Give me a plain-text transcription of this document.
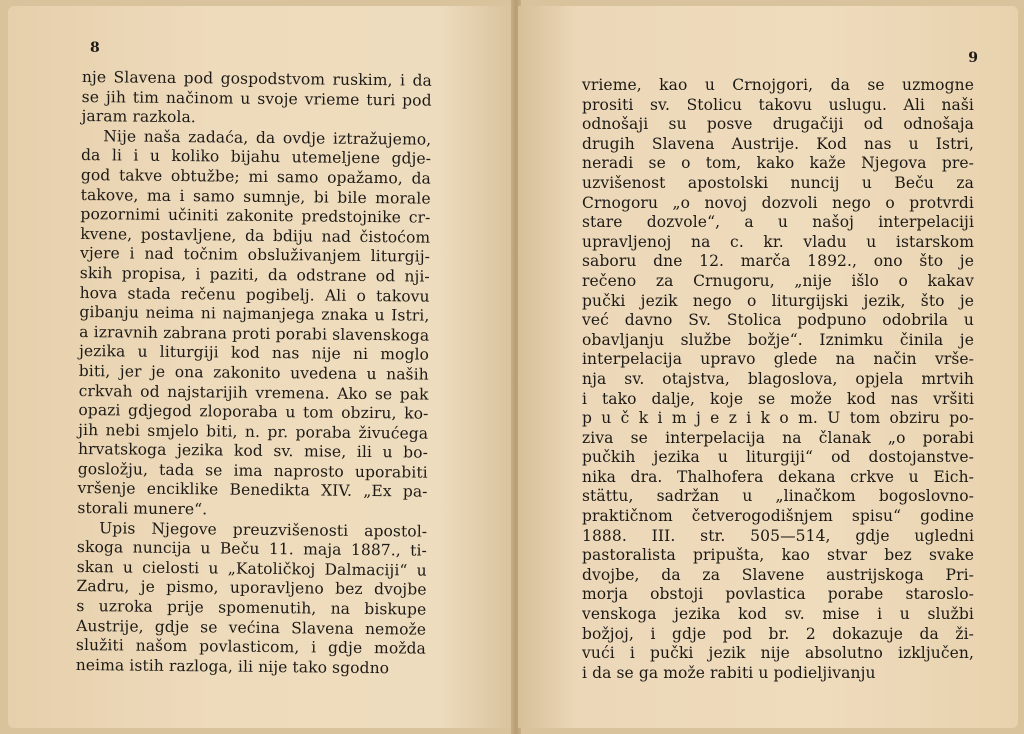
8
nje Slavena pod gospodstvom ruskim, i da
se jih tim načinom u svoje vrieme turi pod
jaram razkola.
Nije naša zadaća, da ovdje iztražujemo,
da li i u koliko bijahu utemeljene gdje-
god takve obtužbe; mi samo opažamo, da
takove, ma i samo sumnje, bi bile morale
pozornimi učiniti zakonite predstojnike cr-
kvene, postavljene, da bdiju nad čistoćom
vjere i nad točnim obsluživanjem liturgij-
skih propisa, i paziti, da odstrane od nji-
hova stada rečenu pogibelj. Ali o takovu
gibanju neima ni najmanjega znaka u Istri,
a izravnih zabrana proti porabi slavenskoga
jezika u liturgiji kod nas nije ni moglo
biti, jer je ona zakonito uvedena u naših
crkvah od najstarijih vremena. Ako se pak
opazi gdjegod zloporaba u tom obziru, ko-
jih nebi smjelo biti, n. pr. poraba živućega
hrvatskoga jezika kod sv. mise, ili u bo-
gosložju, tada se ima naprosto uporabiti
vršenje enciklike Benedikta XIV. „Ex pa-
storali munere“.
Upis Njegove preuzvišenosti apostol-
skoga nuncija u Beču 11. maja 1887., ti-
skan u cielosti u „Katoličkoj Dalmaciji“ u
Zadru, je pismo, uporavljeno bez dvojbe
s uzroka prije spomenutih, na biskupe
Austrije, gdje se većina Slavena nemože
služiti našom povlasticom, i gdje možda
neima istih razloga, ili nije tako sgodno
9
vrieme, kao u Crnojgori, da se uzmogne
prositi sv. Stolicu takovu uslugu. Ali naši
odnošaji su posve drugačiji od odnošaja
drugih Slavena Austrije. Kod nas u Istri,
neradi se o tom, kako kaže Njegova pre-
uzvišenost apostolski nuncij u Beču za
Crnogoru „o novoj dozvoli nego o protvrdi
stare dozvole“, a u našoj interpelaciji
upravljenoj na c. kr. vladu u istarskom
saboru dne 12. marča 1892., ono što je
rečeno za Crnugoru, „nije išlo o kakav
pučki jezik nego o liturgijski jezik, što je
već davno Sv. Stolica podpuno odobrila u
obavljanju službe božje“. Iznimku činila je
interpelacija upravo glede na način vrše-
nja sv. otajstva, blagoslova, opjela mrtvih
i tako dalje, koje se može kod nas vršiti
p u č k i m j e z i k o m. U tom obziru po-
ziva se interpelacija na članak „o porabi
pučkih jezika u liturgiji“ od dostojanstve-
nika dra. Thalhofera dekana crkve u Eich-
stättu, sadržan u „linačkom bogoslovno-
praktičnom četverogodišnjem spisu“ godine
1888. III. str. 505—514, gdje ugledni
pastoralista pripušta, kao stvar bez svake
dvojbe, da za Slavene austrijskoga Pri-
morja obstoji povlastica porabe staroslo-
venskoga jezika kod sv. mise i u službi
božjoj, i gdje pod br. 2 dokazuje da ži-
vući i pučki jezik nije absolutno izključen,
i da se ga može rabiti u podieljivanju
